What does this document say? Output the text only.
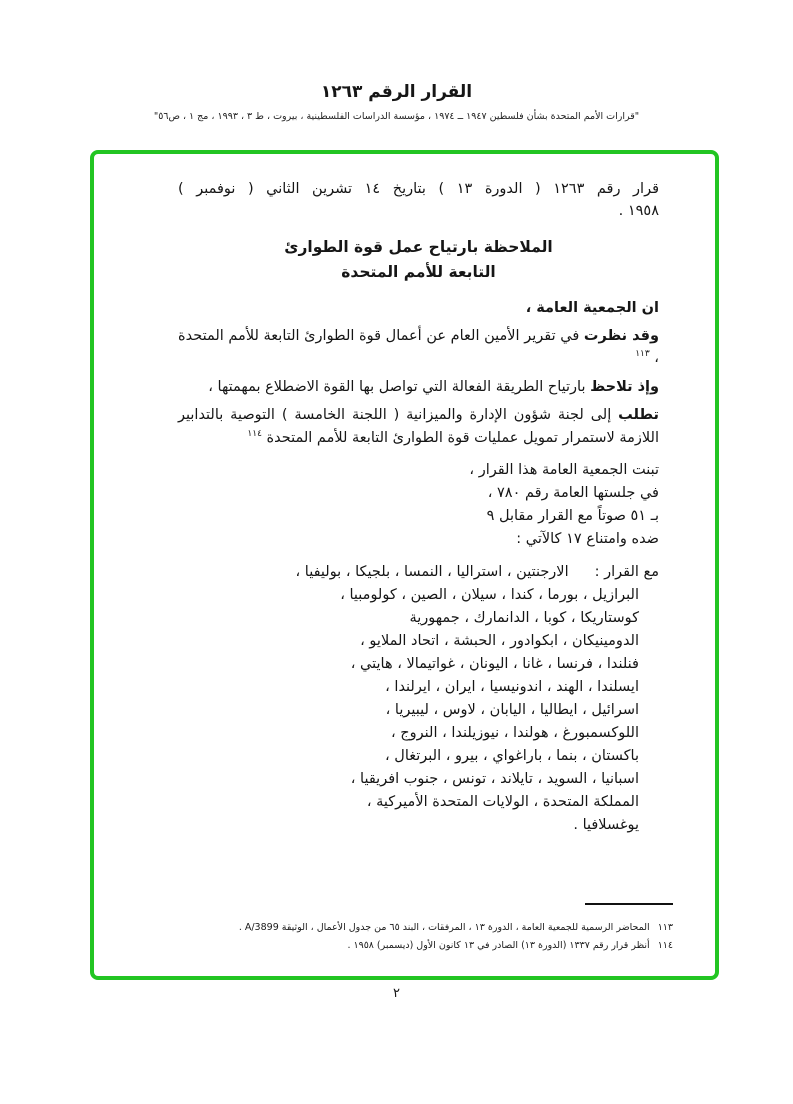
القرار الرقم ١٢٦٣
"قرارات الأمم المتحدة بشأن فلسطين ١٩٤٧ ــ ١٩٧٤ ، مؤسسة الدراسات الفلسطينية ، بيروت ، ط ٣ ، ١٩٩٣ ، مج ١ ، ص٥٦"
قرار رقم ١٢٦٣ ( الدورة ١٣ ) بتاريخ ١٤ تشرين الثاني ( نوفمبر )
١٩٥٨ .
الملاحظة بارتياح عمل قوة الطوارئ
التابعة للأمم المتحدة

ان الجمعية العامة ،

وقد نظرت في تقرير الأمين العام عن أعمال قوة الطوارئ التابعة للأمم المتحدة ، $^{١١٣}$

وإذ تلاحظ بارتياح الطريقة الفعالة التي تواصل بها القوة الاضطلاع بمهمتها ،

تطلب إلى لجنة شؤون الإدارة والميزانية ( اللجنة الخامسة ) التوصية بالتدابير اللازمة لاستمرار تمويل عمليات قوة الطوارئ التابعة للأمم المتحدة $^{١١٤}$

تبنت الجمعية العامة هذا القرار ،
في جلستها العامة رقم ٧٨٠ ،
بـ ٥١ صوتاً مع القرار مقابل ٩
ضده وامتناع ١٧ كالآتي :
مع القرار :الارجنتين ، استراليا ، النمسا ، بلجيكا ، بوليفيا ،
البرازيل ، بورما ، كندا ، سيلان ، الصين ، كولومبيا ،
كوستاريكا ، كوبا ، الدانمارك ، جمهورية
الدومينيكان ، ابكوادور ، الحبشة ، اتحاد الملايو ،
فنلندا ، فرنسا ، غانا ، اليونان ، غواتيمالا ، هايتي ،
ايسلندا ، الهند ، اندونيسيا ، ايران ، ايرلندا ،
اسرائيل ، ايطاليا ، اليابان ، لاوس ، ليبيريا ،
اللوكسمبورغ ، هولندا ، نيوزيلندا ، النروج ،
باكستان ، بنما ، باراغواي ، بيرو ، البرتغال ،
اسبانيا ، السويد ، تايلاند ، تونس ، جنوب افريقيا ،
المملكة المتحدة ، الولايات المتحدة الأميركية ،
يوغسلافيا .
١١٣المحاضر الرسمية للجمعية العامة ، الدورة ١٣ ، المرفقات ، البند ٦٥ من جدول الأعمال ، الوثيقة A/3899 .
١١٤أنظر قرار رقم ١٣٣٧ (الدورة ١٣) الصادر في ١٣ كانون الأول (ديسمبر) ١٩٥٨ .
٢
